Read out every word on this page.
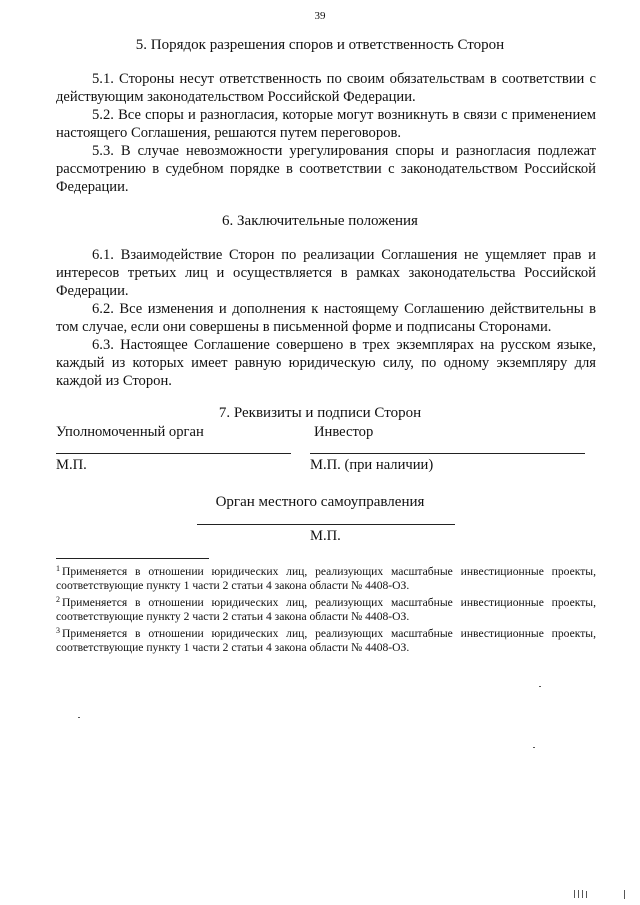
39
5. Порядок разрешения споров и ответственность Сторон
5.1. Стороны несут ответственность по своим обязательствам в соответствии с действующим законодательством Российской Федерации.
5.2. Все споры и разногласия, которые могут возникнуть в связи с применением настоящего Соглашения, решаются путем переговоров.
5.3. В случае невозможности урегулирования споры и разногласия подлежат рассмотрению в судебном порядке в соответствии с законодательством Российской Федерации.
6. Заключительные положения
6.1. Взаимодействие Сторон по реализации Соглашения не ущемляет прав и интересов третьих лиц и осуществляется в рамках законодательства Российской Федерации.
6.2. Все изменения и дополнения к настоящему Соглашению действительны в том случае, если они совершены в письменной форме и подписаны Сторонами.
6.3. Настоящее Соглашение совершено в трех экземплярах на русском языке, каждый из которых имеет равную юридическую силу, по одному экземпляру для каждой из Сторон.
7. Реквизиты и подписи Сторон
Уполномоченный орган	Инвестор
М.П.	М.П. (при наличии)
Орган местного самоуправления
М.П.
$^1$ Применяется в отношении юридических лиц, реализующих масштабные инвестиционные проекты, соответствующие пункту 1 части 2 статьи 4 закона области № 4408-ОЗ.
$^2$ Применяется в отношении юридических лиц, реализующих масштабные инвестиционные проекты, соответствующие пункту 2 части 2 статьи 4 закона области № 4408-ОЗ.
$^3$ Применяется в отношении юридических лиц, реализующих масштабные инвестиционные проекты, соответствующие пункту 1 части 2 статьи 4 закона области № 4408-ОЗ.
